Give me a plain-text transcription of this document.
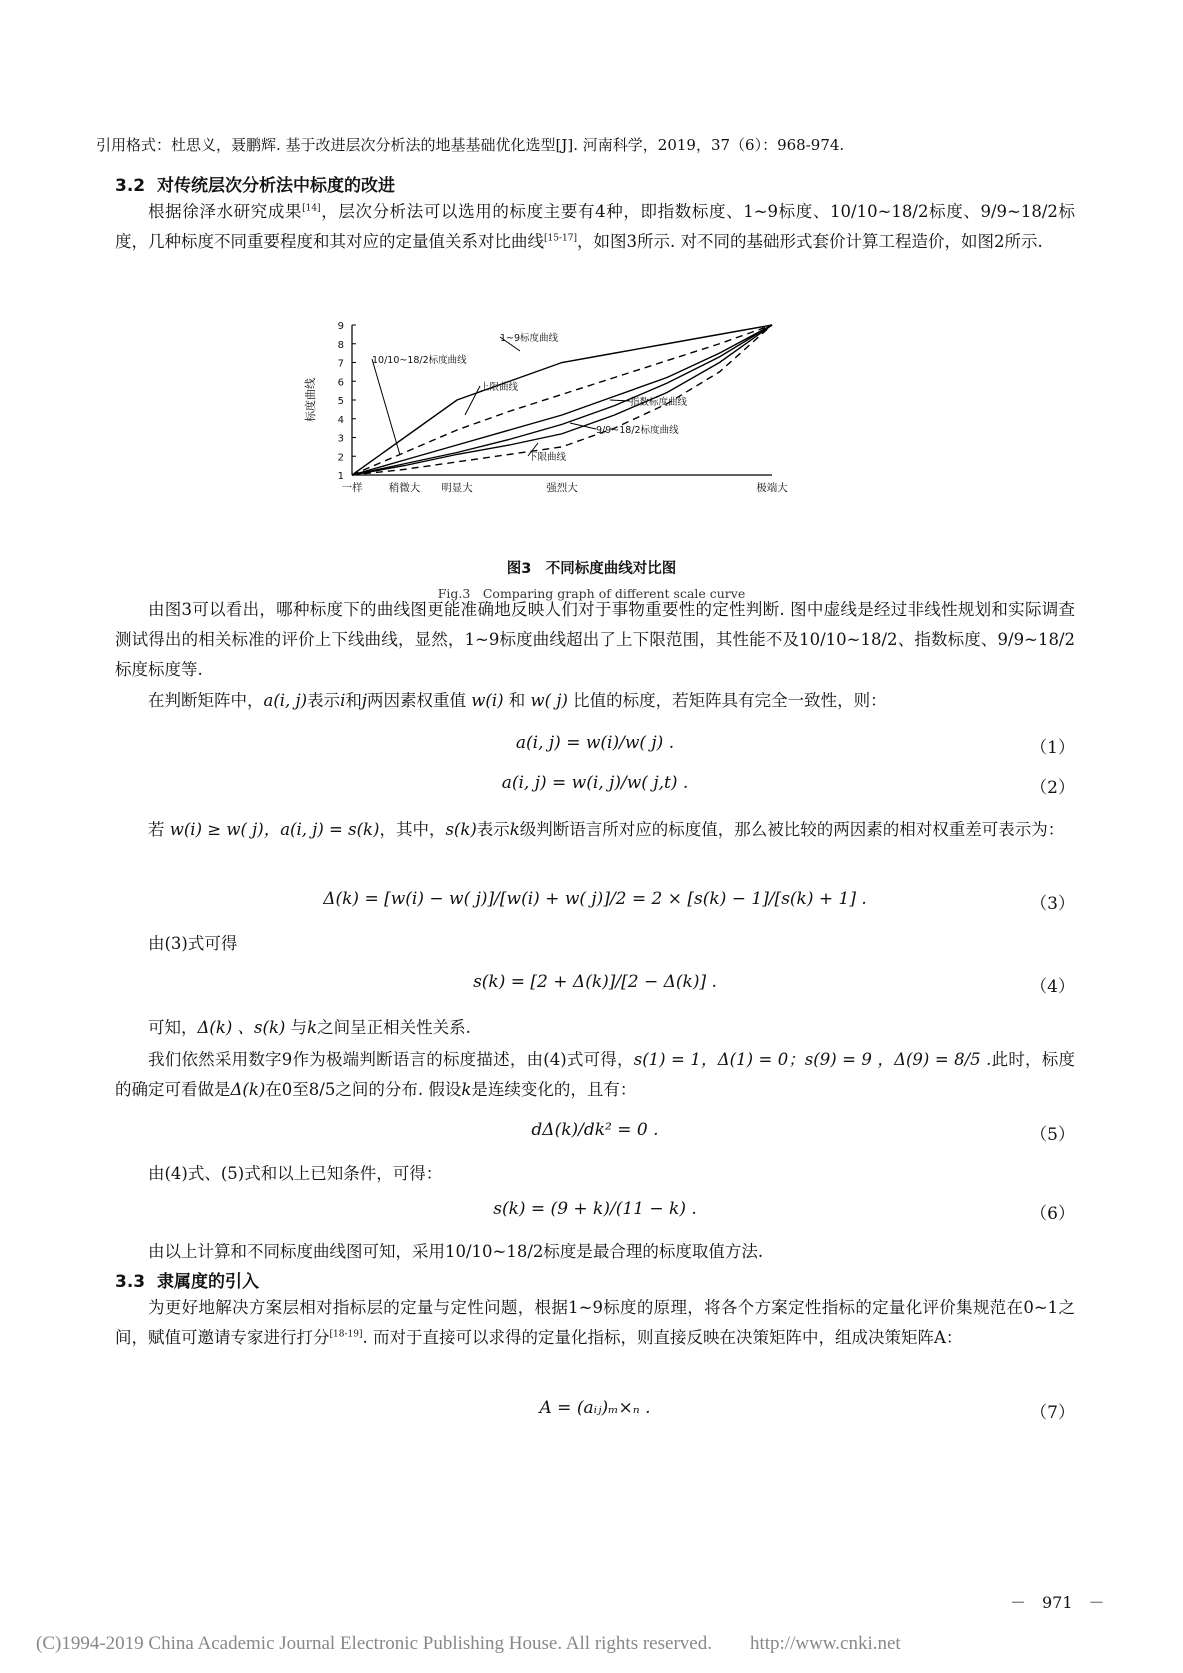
引用格式：杜思义，聂鹏辉. 基于改进层次分析法的地基基础优化选型[J]. 河南科学，2019，37（6）：968-974.
3.2 对传统层次分析法中标度的改进
根据徐泽水研究成果[14]，层次分析法可以选用的标度主要有4种，即指数标度、1~9标度、10/10~18/2标度、9/9~18/2标度，几种标度不同重要程度和其对应的定量值关系对比曲线[15-17]，如图3所示. 对不同的基础形式套价计算工程造价，如图2所示.
1
2
3
4
5
6
7
8
9
标度曲线
一样	稍微大 明显大	强烈大	极端大
1~9标度曲线
10/10~18/2标度曲线
上限曲线
指数标度曲线
9/9~18/2标度曲线
下限曲线
图3　不同标度曲线对比图
Fig.3　Comparing graph of different scale curve
由图3可以看出，哪种标度下的曲线图更能准确地反映人们对于事物重要性的定性判断. 图中虚线是经过非线性规划和实际调查测试得出的相关标准的评价上下线曲线，显然，1~9标度曲线超出了上下限范围，其性能不及10/10~18/2、指数标度、9/9~18/2标度标度等.
在判断矩阵中，a(i, j)表示i和j两因素权重值 w(i) 和 w( j) 比值的标度，若矩阵具有完全一致性，则：
a(i, j) = w(i)/w( j) .	（1）
a(i, j) = w(i, j)/w( j,t) .	（2）
若 w(i) ≥ w( j)，a(i, j) = s(k)，其中，s(k)表示k级判断语言所对应的标度值，那么被比较的两因素的相对权重差可表示为：
Δ(k) = [w(i) − w( j)]/[w(i) + w( j)]/2 = 2 × [s(k) − 1]/[s(k) + 1] .	（3）
由(3)式可得
s(k) = [2 + Δ(k)]/[2 − Δ(k)] .	（4）
可知，Δ(k) 、s(k) 与k之间呈正相关性关系.
我们依然采用数字9作为极端判断语言的标度描述，由(4)式可得，s(1) = 1，Δ(1) = 0；s(9) = 9 ，Δ(9) = 8/5 .此时，标度的确定可看做是Δ(k)在0至8/5之间的分布. 假设k是连续变化的，且有：
dΔ(k)/dk² = 0 .	（5）
由(4)式、(5)式和以上已知条件，可得：
s(k) = (9 + k)/(11 − k) .	（6）
由以上计算和不同标度曲线图可知，采用10/10~18/2标度是最合理的标度取值方法.
3.3 隶属度的引入
为更好地解决方案层相对指标层的定量与定性问题，根据1~9标度的原理，将各个方案定性指标的定量化评价集规范在0~1之间，赋值可邀请专家进行打分[18-19]. 而对于直接可以求得的定量化指标，则直接反映在决策矩阵中，组成决策矩阵A：
A = (aᵢⱼ)ₘ×ₙ .	（7）
－　971　－
(C)1994-2019 China Academic Journal Electronic Publishing House. All rights reserved.　　http://www.cnki.net
